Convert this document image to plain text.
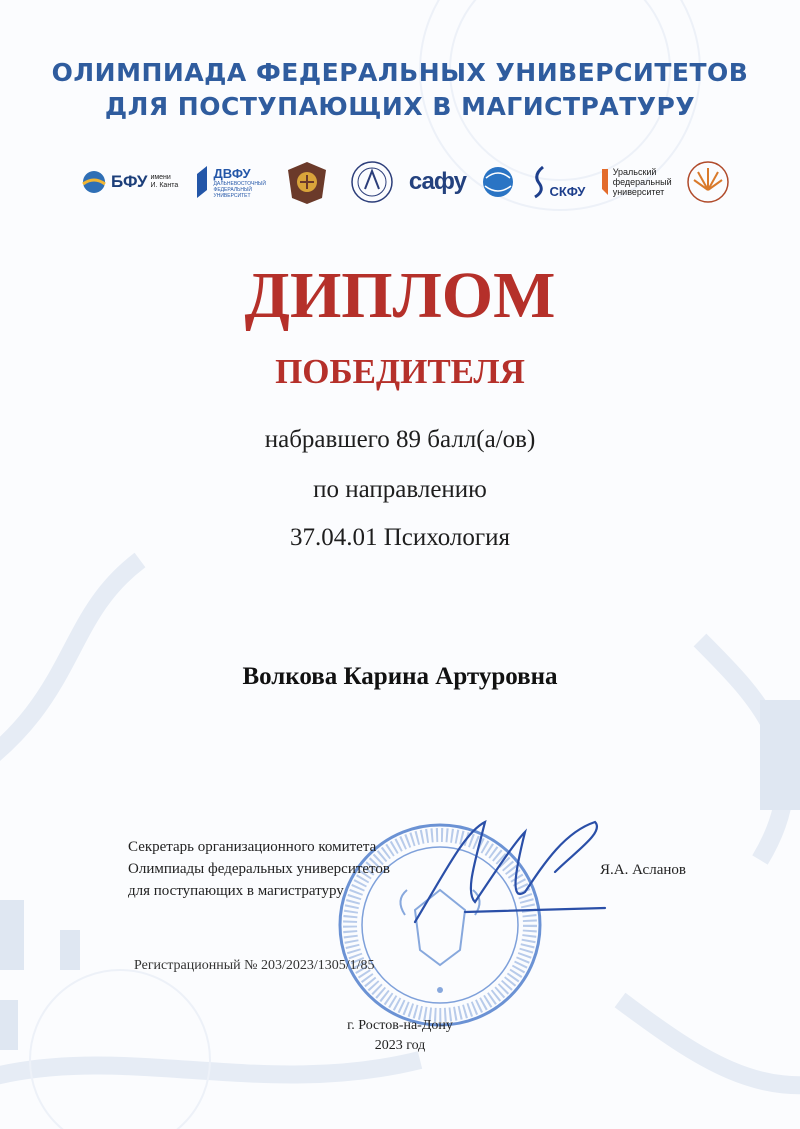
ОЛИМПИАДА ФЕДЕРАЛЬНЫХ УНИВЕРСИТЕТОВ
ДЛЯ ПОСТУПАЮЩИХ В МАГИСТРАТУРУ
БФУ имени
И. Канта
ДВФУ
ДАЛЬНЕВОСТОЧНЫЙ
ФЕДЕРАЛЬНЫЙ
УНИВЕРСИТЕТ
сафу	СКФУ
Уральский
федеральный
университет
ДИПЛОМ
ПОБЕДИТЕЛЯ
набравшего 89 балл(а/ов)
по направлению
37.04.01 Психология
Волкова Карина Артуровна
Секретарь организационного комитета
Олимпиады федеральных университетов
для поступающих в магистратуру
Я.А. Асланов
Регистрационный № 203/2023/1305/1/85
г. Ростов-на-Дону
2023 год
